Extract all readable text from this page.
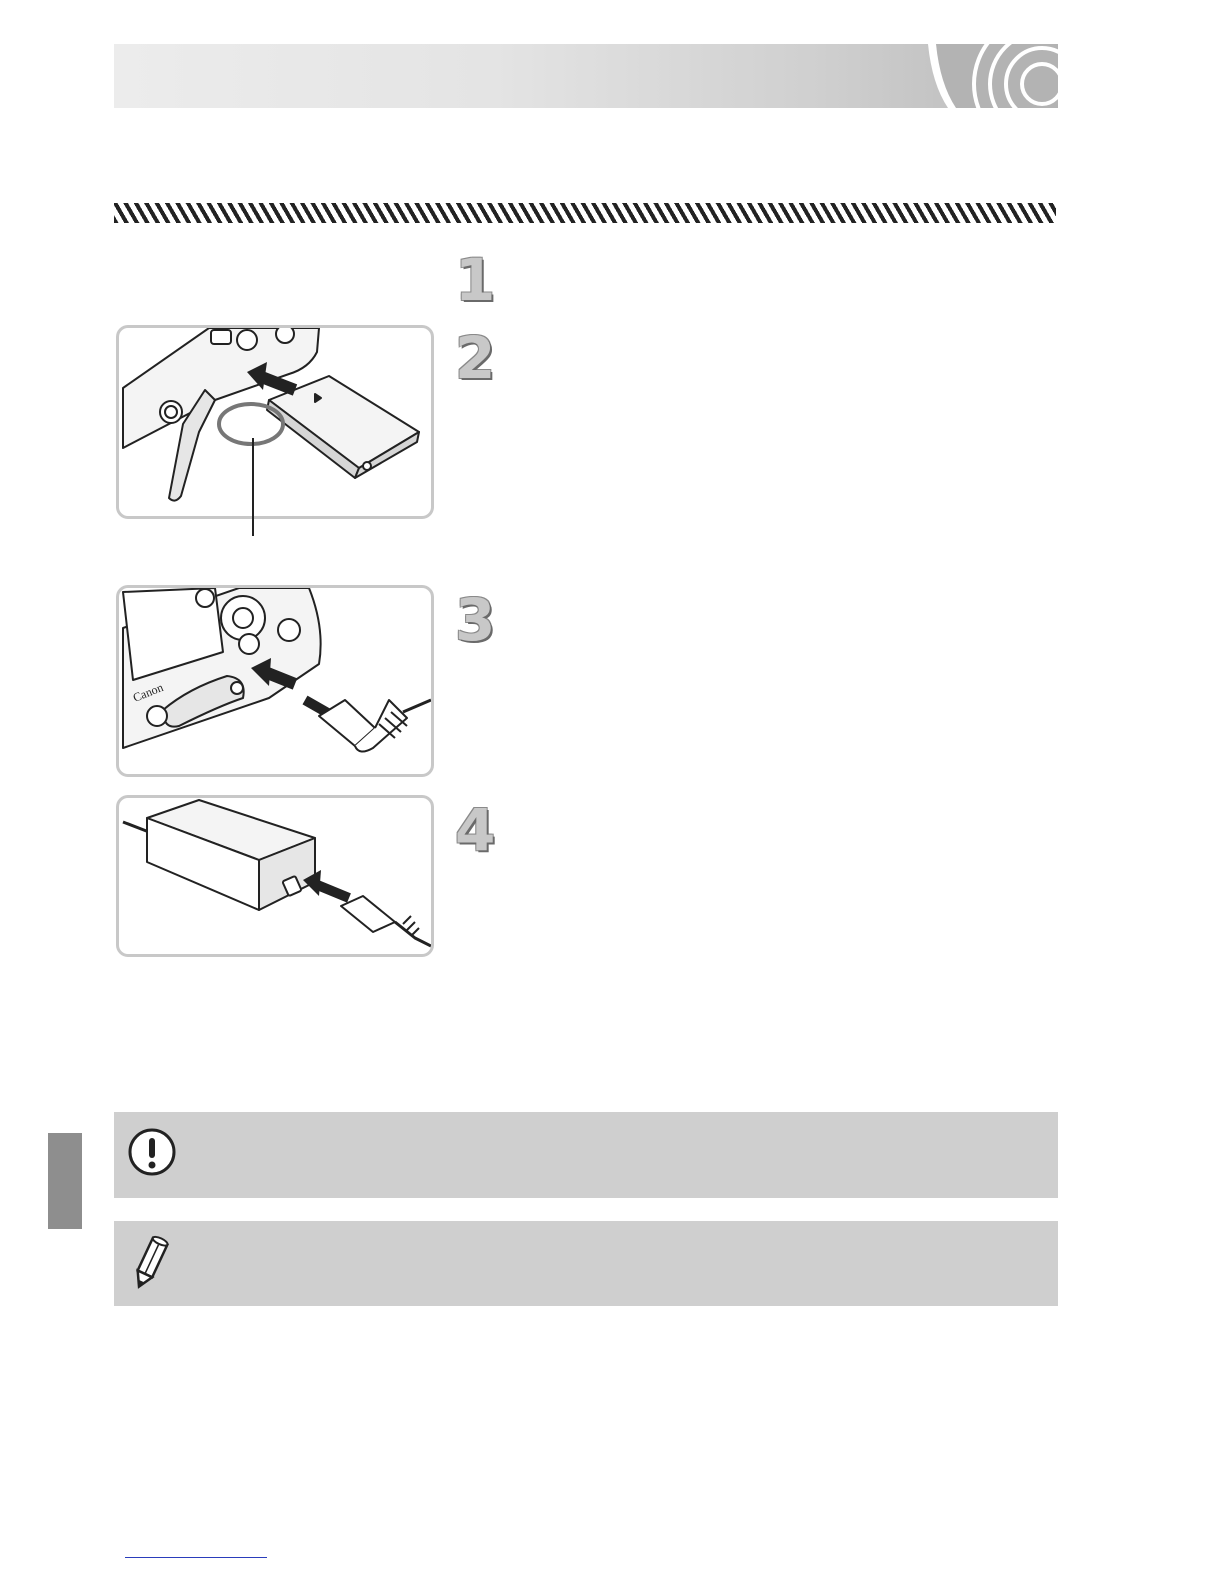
1
2
3
4
Canon
